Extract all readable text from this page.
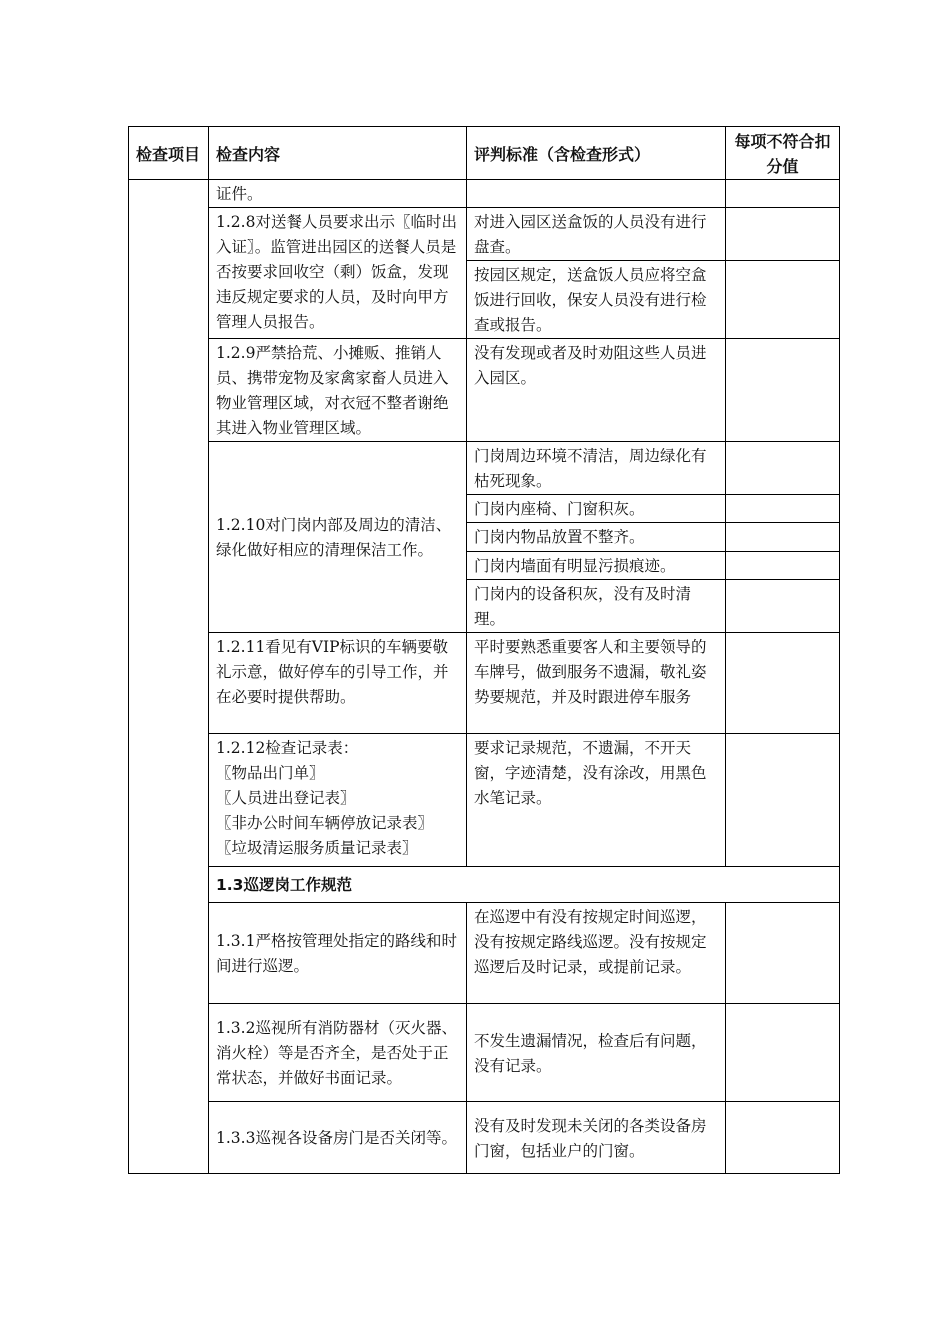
检查项目	检查内容	评判标准（含检查形式）	每项不符合扣分值
	证件。		
	1.2.8对送餐人员要求出示〖临时出入证〗。监管进出园区的送餐人员是否按要求回收空（剩）饭盒，发现违反规定要求的人员，及时向甲方管理人员报告。	对进入园区送盒饭的人员没有进行盘查。	
		按园区规定，送盒饭人员应将空盒饭进行回收，保安人员没有进行检查或报告。	
	1.2.9严禁拾荒、小摊贩、推销人员、携带宠物及家禽家畜人员进入物业管理区域，对衣冠不整者谢绝其进入物业管理区域。	没有发现或者及时劝阻这些人员进入园区。	
	1.2.10对门岗内部及周边的清洁、绿化做好相应的清理保洁工作。	门岗周边环境不清洁，周边绿化有枯死现象。	
		门岗内座椅、门窗积灰。	
		门岗内物品放置不整齐。	
		门岗内墙面有明显污损痕迹。	
		门岗内的设备积灰，没有及时清理。	
	1.2.11看见有VIP标识的车辆要敬礼示意，做好停车的引导工作，并在必要时提供帮助。	平时要熟悉重要客人和主要领导的车牌号，做到服务不遗漏，敬礼姿势要规范，并及时跟进停车服务	

	1.2.12检查记录表：
〖物品出门单〗
〖人员进出登记表〗
〖非办公时间车辆停放记录表〗
〖垃圾清运服务质量记录表〗	要求记录规范，不遗漏，不开天窗，字迹清楚，没有涂改，用黑色水笔记录。	
	1.3巡逻岗工作规范		
	1.3.1严格按管理处指定的路线和时间进行巡逻。	在巡逻中有没有按规定时间巡逻，没有按规定路线巡逻。没有按规定巡逻后及时记录，或提前记录。	
	1.3.2巡视所有消防器材（灭火器、消火栓）等是否齐全，是否处于正常状态，并做好书面记录。	不发生遗漏情况，检查后有问题，没有记录。	
	1.3.3巡视各设备房门是否关闭等。	没有及时发现未关闭的各类设备房门窗，包括业户的门窗。	
